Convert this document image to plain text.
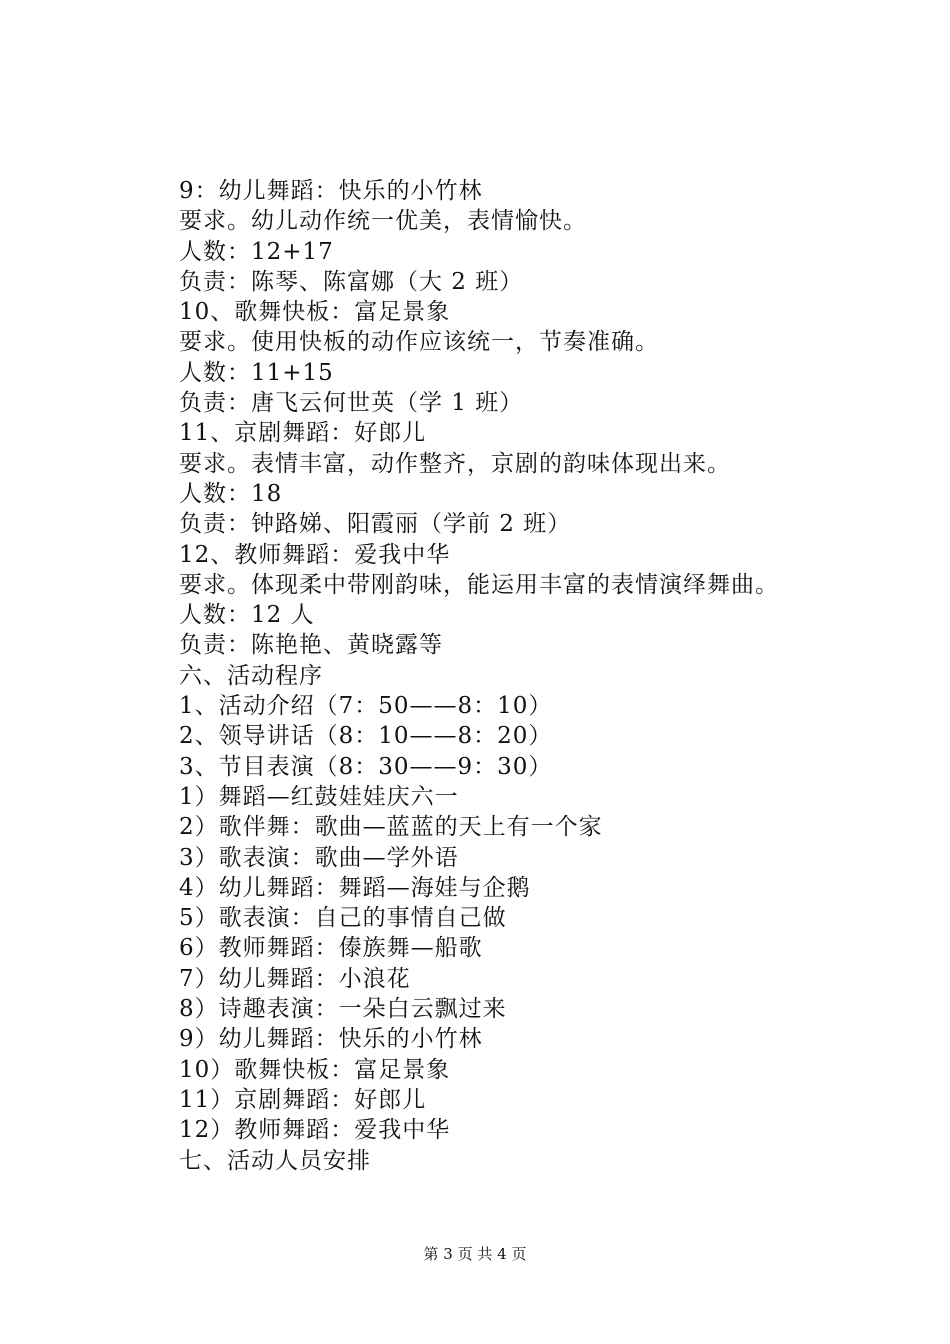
9：幼儿舞蹈：快乐的小竹林
要求。幼儿动作统一优美，表情愉快。
人数：12+17
负责：陈琴、陈富娜（大 2 班）
10、歌舞快板：富足景象
要求。使用快板的动作应该统一，节奏准确。
人数：11+15
负责：唐飞云何世英（学 1 班）
11、京剧舞蹈：好郎儿
要求。表情丰富，动作整齐，京剧的韵味体现出来。
人数：18
负责：钟路娣、阳霞丽（学前 2 班）
12、教师舞蹈：爱我中华
要求。体现柔中带刚韵味，能运用丰富的表情演绎舞曲。
人数：12 人
负责：陈艳艳、黄晓露等
六、活动程序
1、活动介绍（7：50——8：10）
2、领导讲话（8：10——8：20）
3、节目表演（8：30——9：30）
1）舞蹈—红鼓娃娃庆六一
2）歌伴舞：歌曲—蓝蓝的天上有一个家
3）歌表演：歌曲—学外语
4）幼儿舞蹈：舞蹈—海娃与企鹅
5）歌表演：自己的事情自己做
6）教师舞蹈：傣族舞—船歌
7）幼儿舞蹈：小浪花
8）诗趣表演：一朵白云飘过来
9）幼儿舞蹈：快乐的小竹林
10）歌舞快板：富足景象
11）京剧舞蹈：好郎儿
12）教师舞蹈：爱我中华
七、活动人员安排
第 3 页 共 4 页
